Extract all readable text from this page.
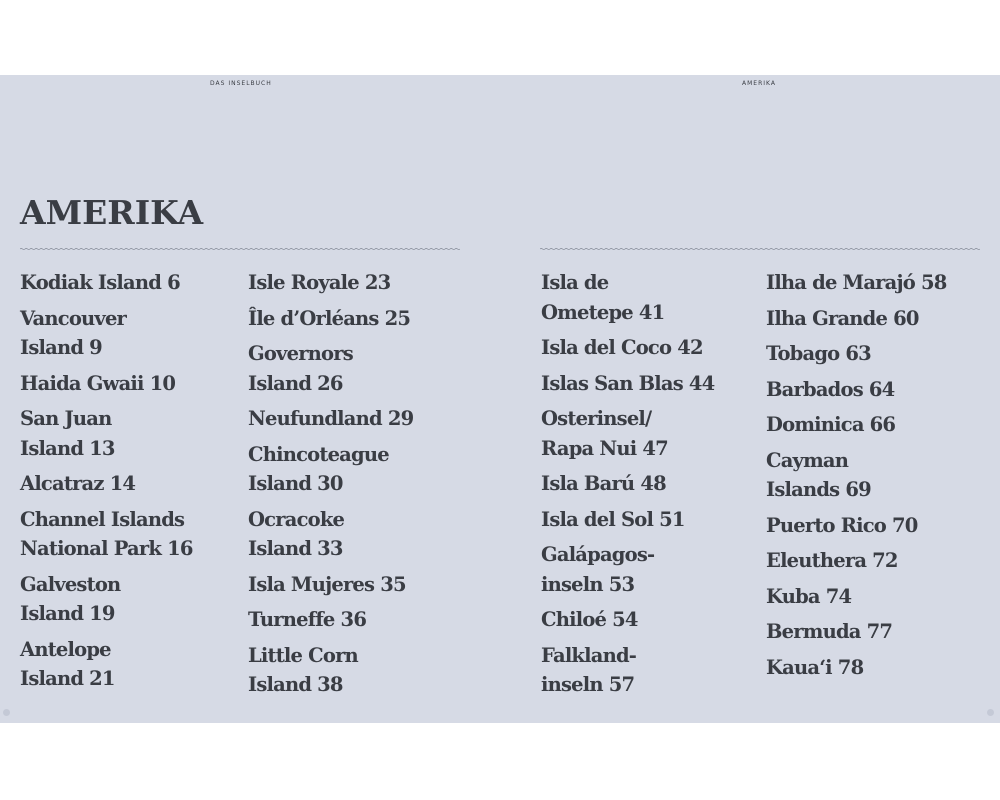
DAS INSELBUCH	AMERIKA
AMERIKA
Kodiak Island 6
Vancouver
Island 9
Haida Gwaii 10
San Juan
Island 13
Alcatraz 14
Channel Islands
National Park 16
Galveston
Island 19
Antelope
Island 21
Isle Royale 23
Île d’Orléans 25
Governors
Island 26
Neufundland 29
Chincoteague
Island 30
Ocracoke
Island 33
Isla Mujeres 35
Turneffe 36
Little Corn
Island 38
Isla de
Ometepe 41
Isla del Coco 42
Islas San Blas 44
Osterinsel/
Rapa Nui 47
Isla Barú 48
Isla del Sol 51
Galápagos-
inseln 53
Chiloé 54
Falkland-
inseln 57
Ilha de Marajó 58
Ilha Grande 60
Tobago 63
Barbados 64
Dominica 66
Cayman
Islands 69
Puerto Rico 70
Eleuthera 72
Kuba 74
Bermuda 77
Kaua‘i 78
